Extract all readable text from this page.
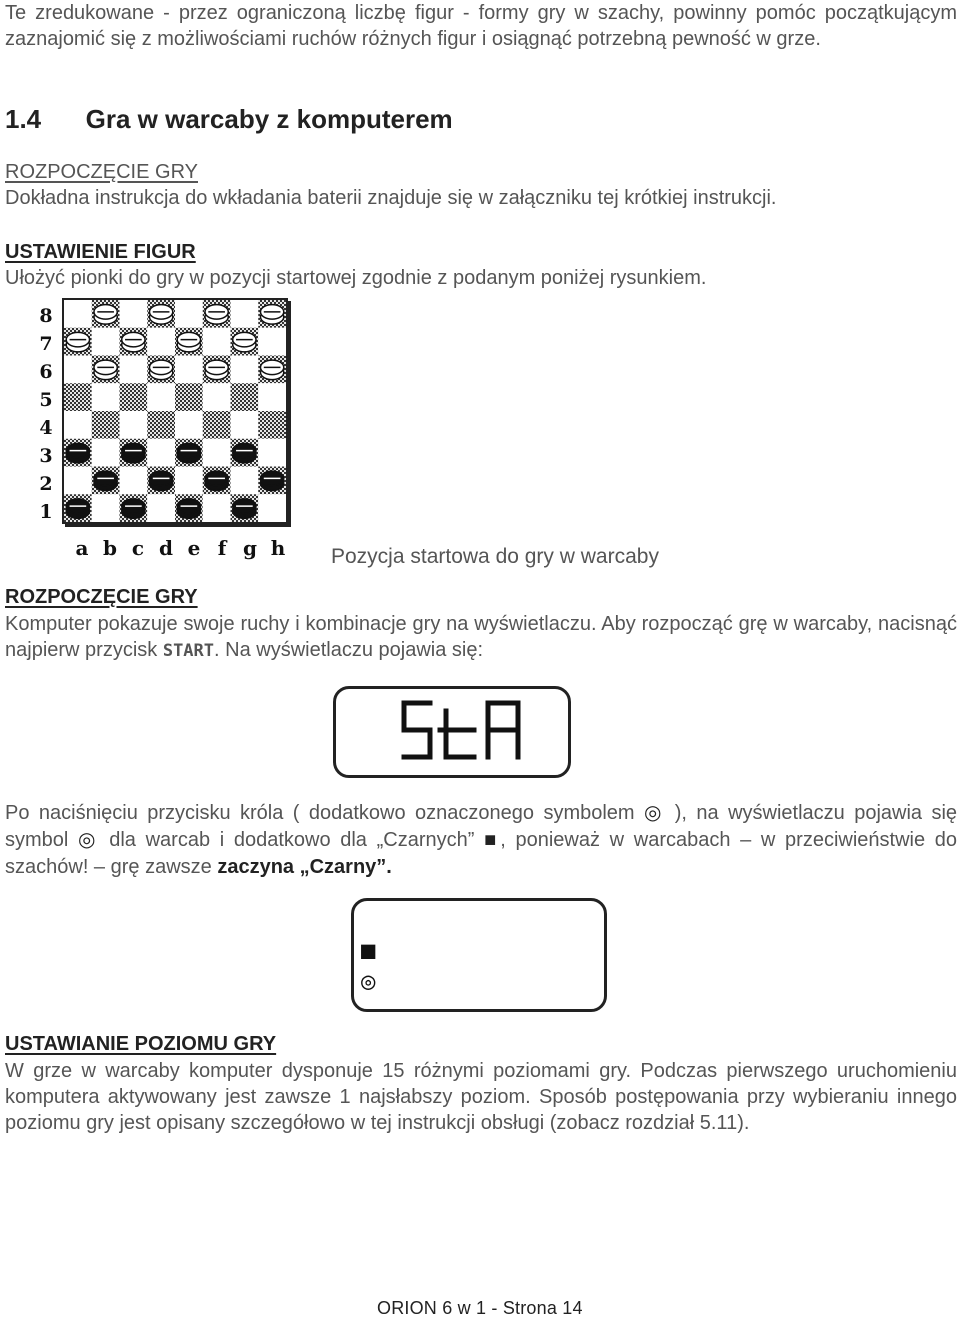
Te zredukowane - przez ograniczoną liczbę figur - formy gry w szachy, powinny pomóc początkującym zaznajomić się z możliwościami ruchów różnych figur i osiągnąć potrzebną pewność w grze.

1.4 Gra w warcaby z komputerem

ROZPOCZĘCIE GRY

Dokładna instrukcja do wkładania baterii znajduje się w załączniku tej krótkiej instrukcji.

USTAWIENIE FIGUR

Ułożyć pionki do gry w pozycji startowej zgodnie z podanym poniżej rysunkiem.

8
7
6
5
4
3
2
1
a b c d e f g h	Pozycja startowa do gry w warcaby

ROZPOCZĘCIE GRY

Komputer pokazuje swoje ruchy i kombinacje gry na wyświetlaczu. Aby rozpocząć grę w warcaby, nacisnąć najpierw przycisk START. Na wyświetlaczu pojawia się:

Po naciśnięciu przycisku króla ( dodatkowo oznaczonego symbolem ◎ ), na wyświetlaczu pojawia się symbol ◎ dla warcab i dodatkowo dla „Czarnych” ■, ponieważ w warcabach – w przeciwieństwie do szachów! – grę zawsze zaczyna „Czarny”.

■
◎

USTAWIANIE POZIOMU GRY

W grze w warcaby komputer dysponuje 15 różnymi poziomami gry. Podczas pierwszego uruchomieniu komputera aktywowany jest zawsze 1 najsłabszy poziom. Sposób postępowania przy wybieraniu innego poziomu gry jest opisany szczegółowo w tej instrukcji obsługi (zobacz rozdział 5.11).

ORION 6 w 1 - Strona 14
